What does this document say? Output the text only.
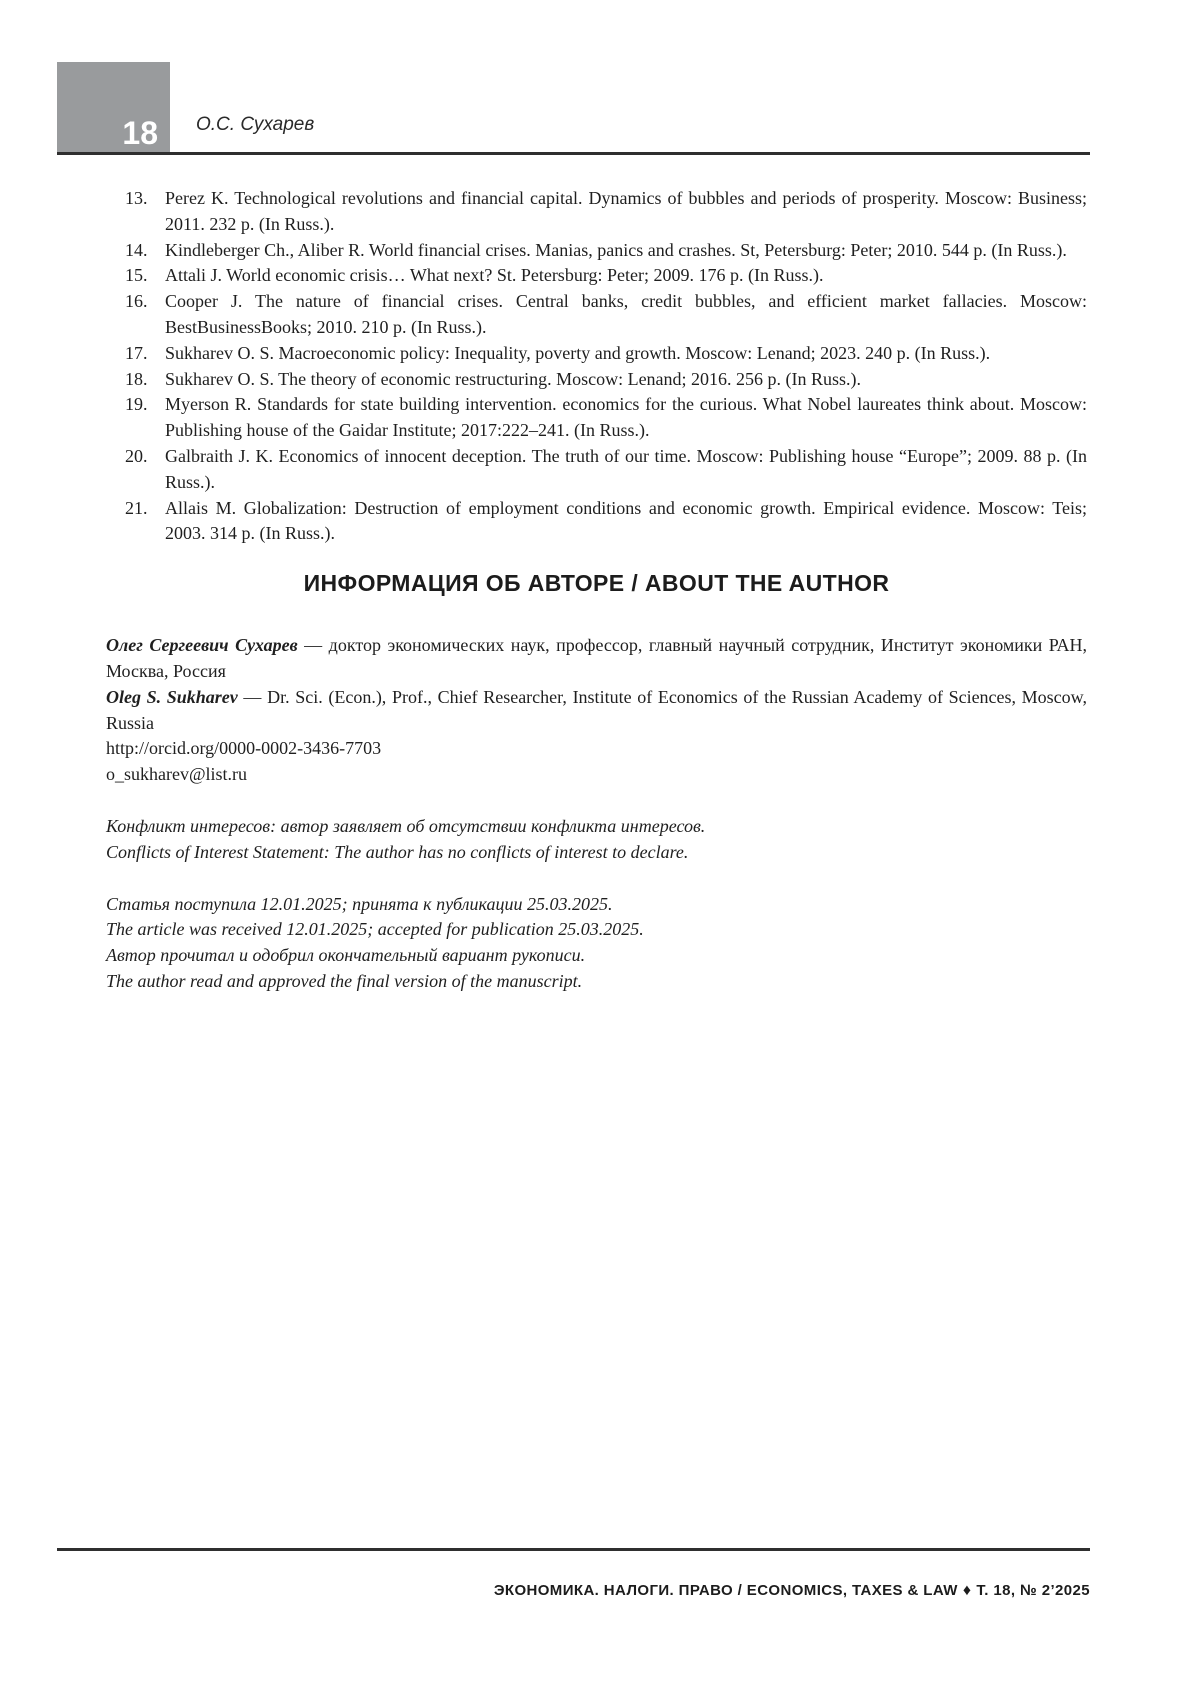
18 О.С. Сухарев
13. Perez K. Technological revolutions and financial capital. Dynamics of bubbles and periods of prosperity. Moscow: Business; 2011. 232 p. (In Russ.).
14. Kindleberger Ch., Aliber R. World financial crises. Manias, panics and crashes. St, Petersburg: Peter; 2010. 544 p. (In Russ.).
15. Attali J. World economic crisis… What next? St. Petersburg: Peter; 2009. 176 p. (In Russ.).
16. Cooper J. The nature of financial crises. Central banks, credit bubbles, and efficient market fallacies. Moscow: BestBusinessBooks; 2010. 210 p. (In Russ.).
17. Sukharev O. S. Macroeconomic policy: Inequality, poverty and growth. Moscow: Lenand; 2023. 240 p. (In Russ.).
18. Sukharev O. S. The theory of economic restructuring. Moscow: Lenand; 2016. 256 p. (In Russ.).
19. Myerson R. Standards for state building intervention. economics for the curious. What Nobel laureates think about. Moscow: Publishing house of the Gaidar Institute; 2017:222–241. (In Russ.).
20. Galbraith J. K. Economics of innocent deception. The truth of our time. Moscow: Publishing house “Europe”; 2009. 88 p. (In Russ.).
21. Allais M. Globalization: Destruction of employment conditions and economic growth. Empirical evidence. Moscow: Teis; 2003. 314 p. (In Russ.).
ИНФОРМАЦИЯ ОБ АВТОРЕ / ABOUT THE AUTHOR

Олег Сергеевич Сухарев — доктор экономических наук, профессор, главный научный сотрудник, Институт экономики РАН, Москва, Россия

Oleg S. Sukharev — Dr. Sci. (Econ.), Prof., Chief Researcher, Institute of Economics of the Russian Academy of Sciences, Moscow, Russia

http://orcid.org/0000-0002-3436-7703

o_sukharev@list.ru

Конфликт интересов: автор заявляет об отсутствии конфликта интересов.

Conflicts of Interest Statement: The author has no conflicts of interest to declare.

Статья поступила 12.01.2025; принята к публикации 25.03.2025.

The article was received 12.01.2025; accepted for publication 25.03.2025.

Автор прочитал и одобрил окончательный вариант рукописи.

The author read and approved the final version of the manuscript.

ЭКОНОМИКА. НАЛОГИ. ПРАВО / ECONOMICS, TAXES & LAW ♦ Т. 18, № 2’2025
